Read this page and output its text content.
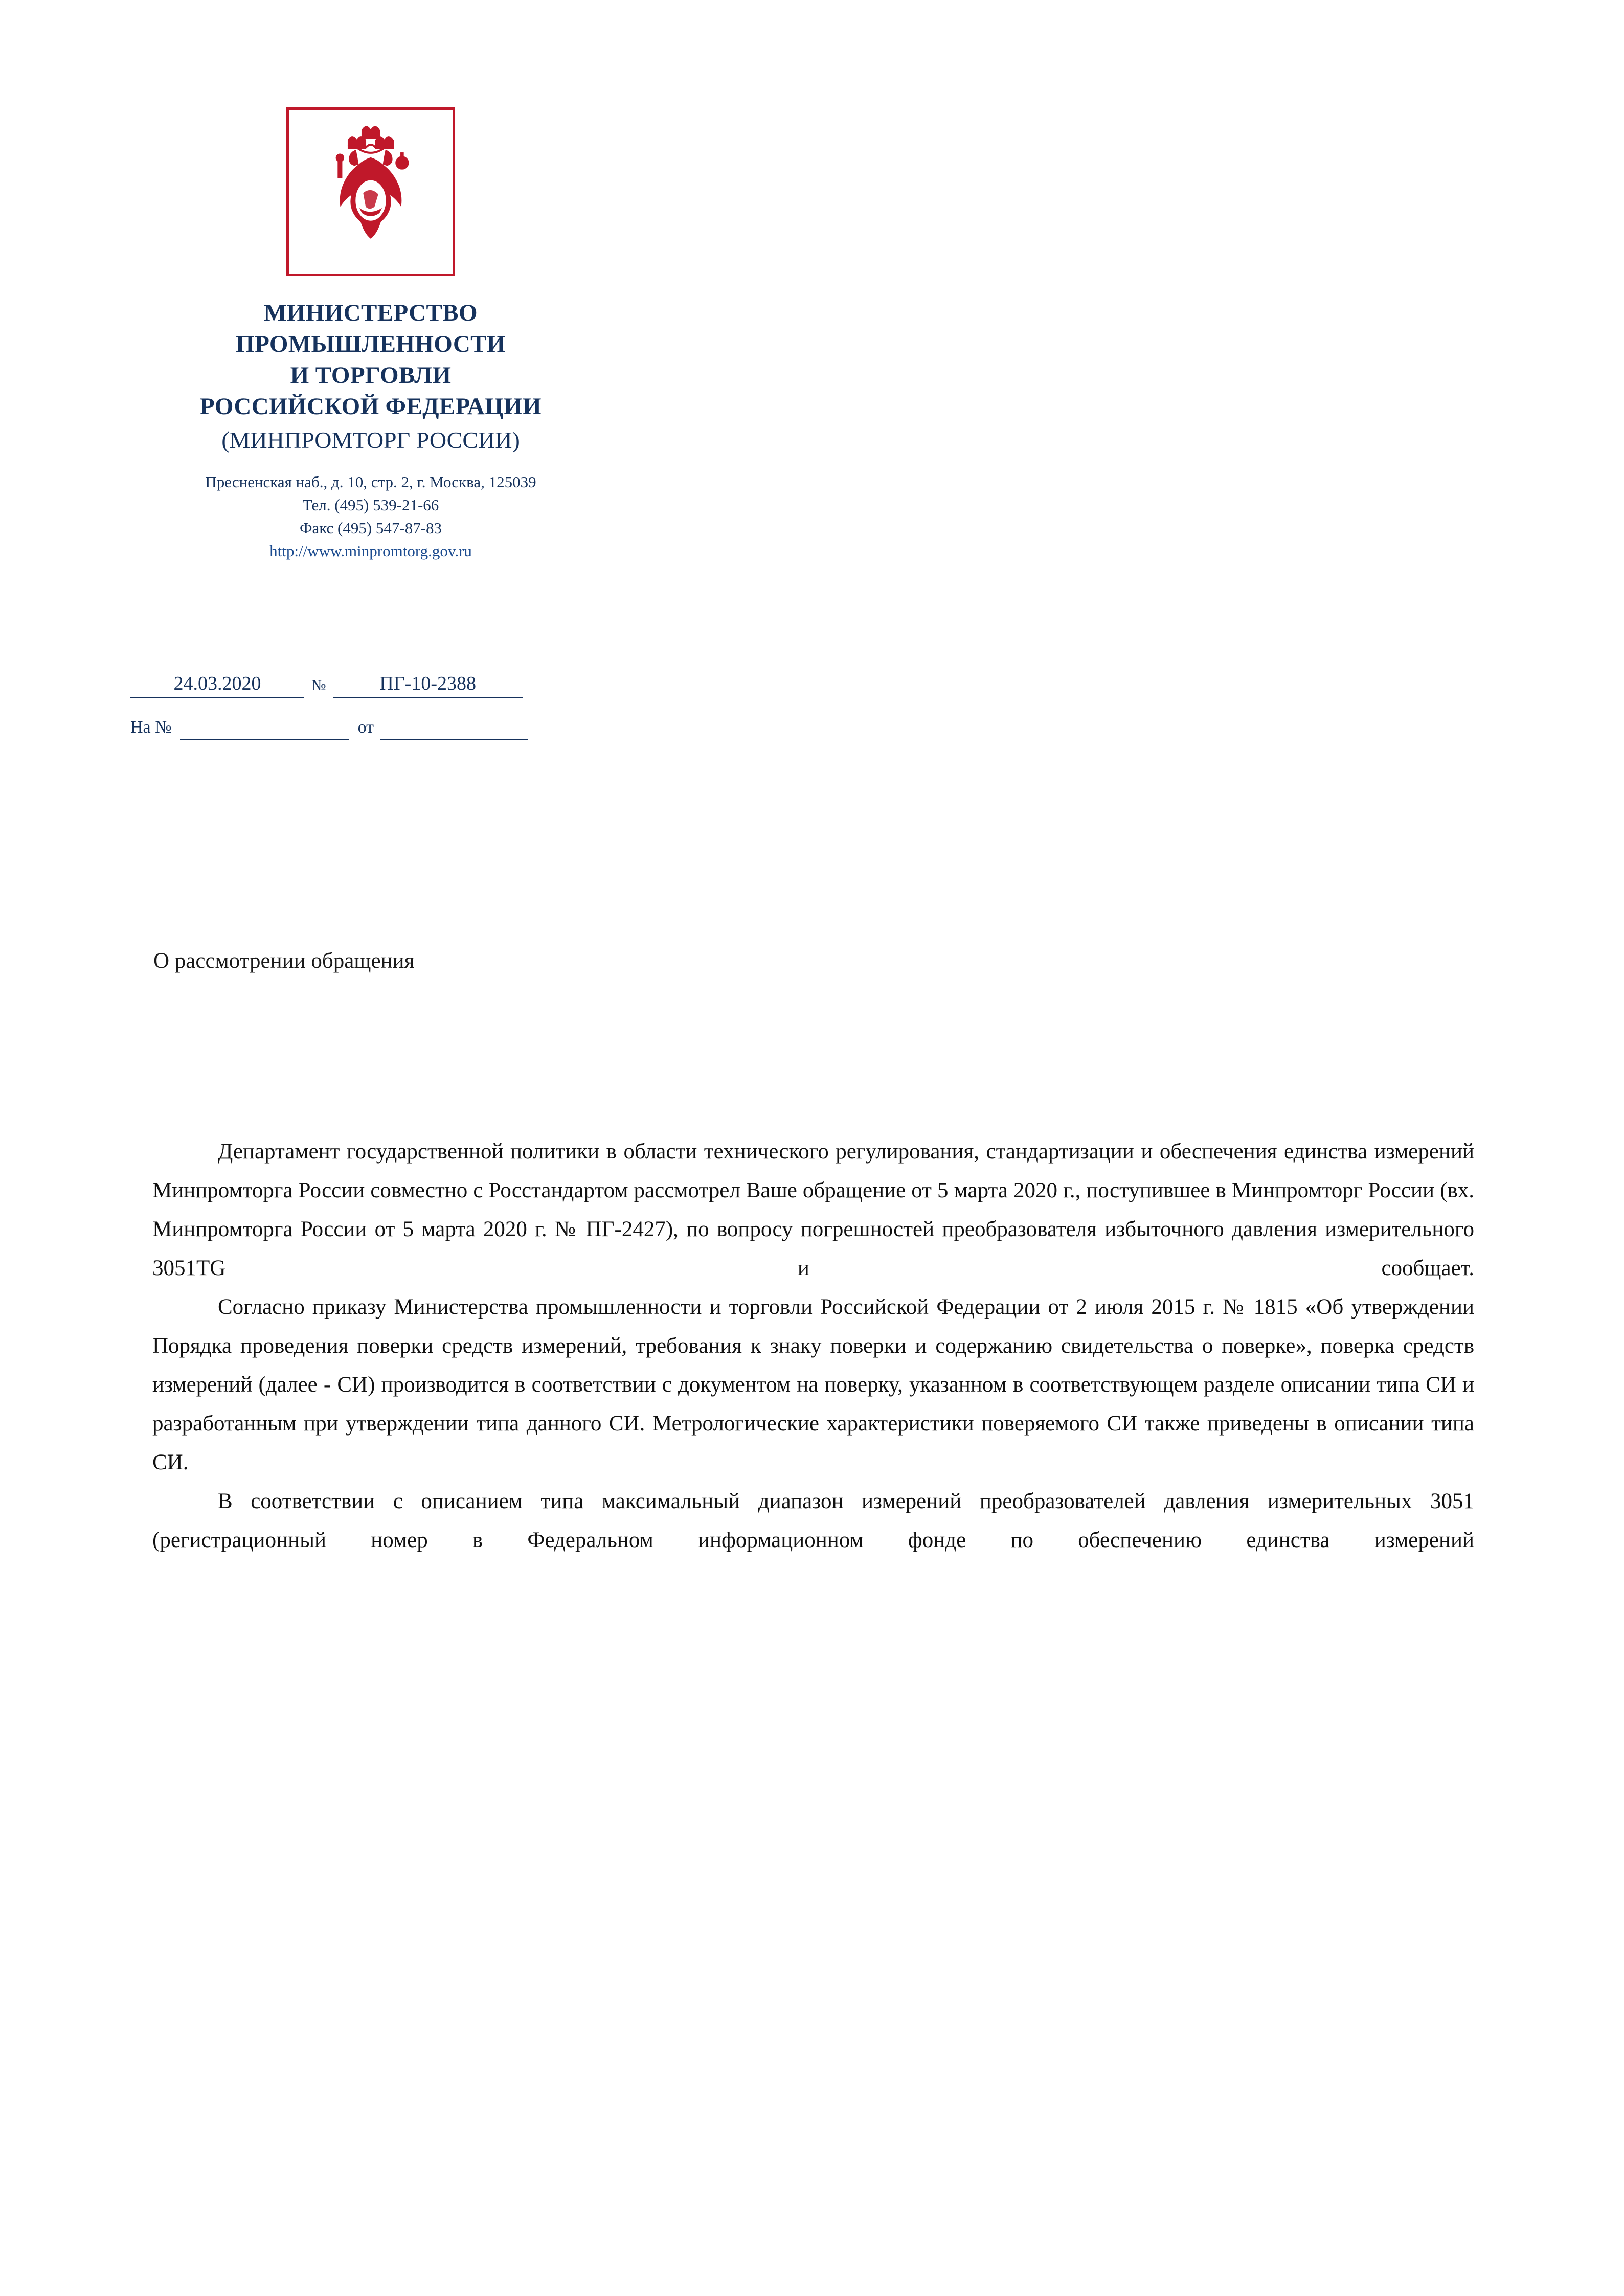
МИНИСТЕРСТВО
ПРОМЫШЛЕННОСТИ
И ТОРГОВЛИ
РОССИЙСКОЙ ФЕДЕРАЦИИ
(МИНПРОМТОРГ РОССИИ)
Пресненская наб., д. 10, стр. 2, г. Москва, 125039
Тел. (495) 539-21-66
Факс (495) 547-87-83
http://www.minpromtorg.gov.ru
24.03.2020	№	ПГ-10-2388
На №	от
О рассмотрении обращения

Департамент государственной политики в области технического регулирования, стандартизации и обеспечения единства измерений Минпромторга России совместно с Росстандартом рассмотрел Ваше обращение от 5 марта 2020 г., поступившее в Минпромторг России (вх. Минпромторга России от 5 марта 2020 г. № ПГ-2427), по вопросу погрешностей преобразователя избыточного давления измерительного 3051TG и сообщает.

Согласно приказу Министерства промышленности и торговли Российской Федерации от 2 июля 2015 г. № 1815 «Об утверждении Порядка проведения поверки средств измерений, требования к знаку поверки и содержанию свидетельства о поверке», поверка средств измерений (далее - СИ) производится в соответствии с документом на поверку, указанном в соответствующем разделе описании типа СИ и разработанным при утверждении типа данного СИ. Метрологические характеристики поверяемого СИ также приведены в описании типа СИ.

В соответствии с описанием типа максимальный диапазон измерений преобразователей давления измерительных 3051 (регистрационный номер в Федеральном информационном фонде по обеспечению единства измерений
